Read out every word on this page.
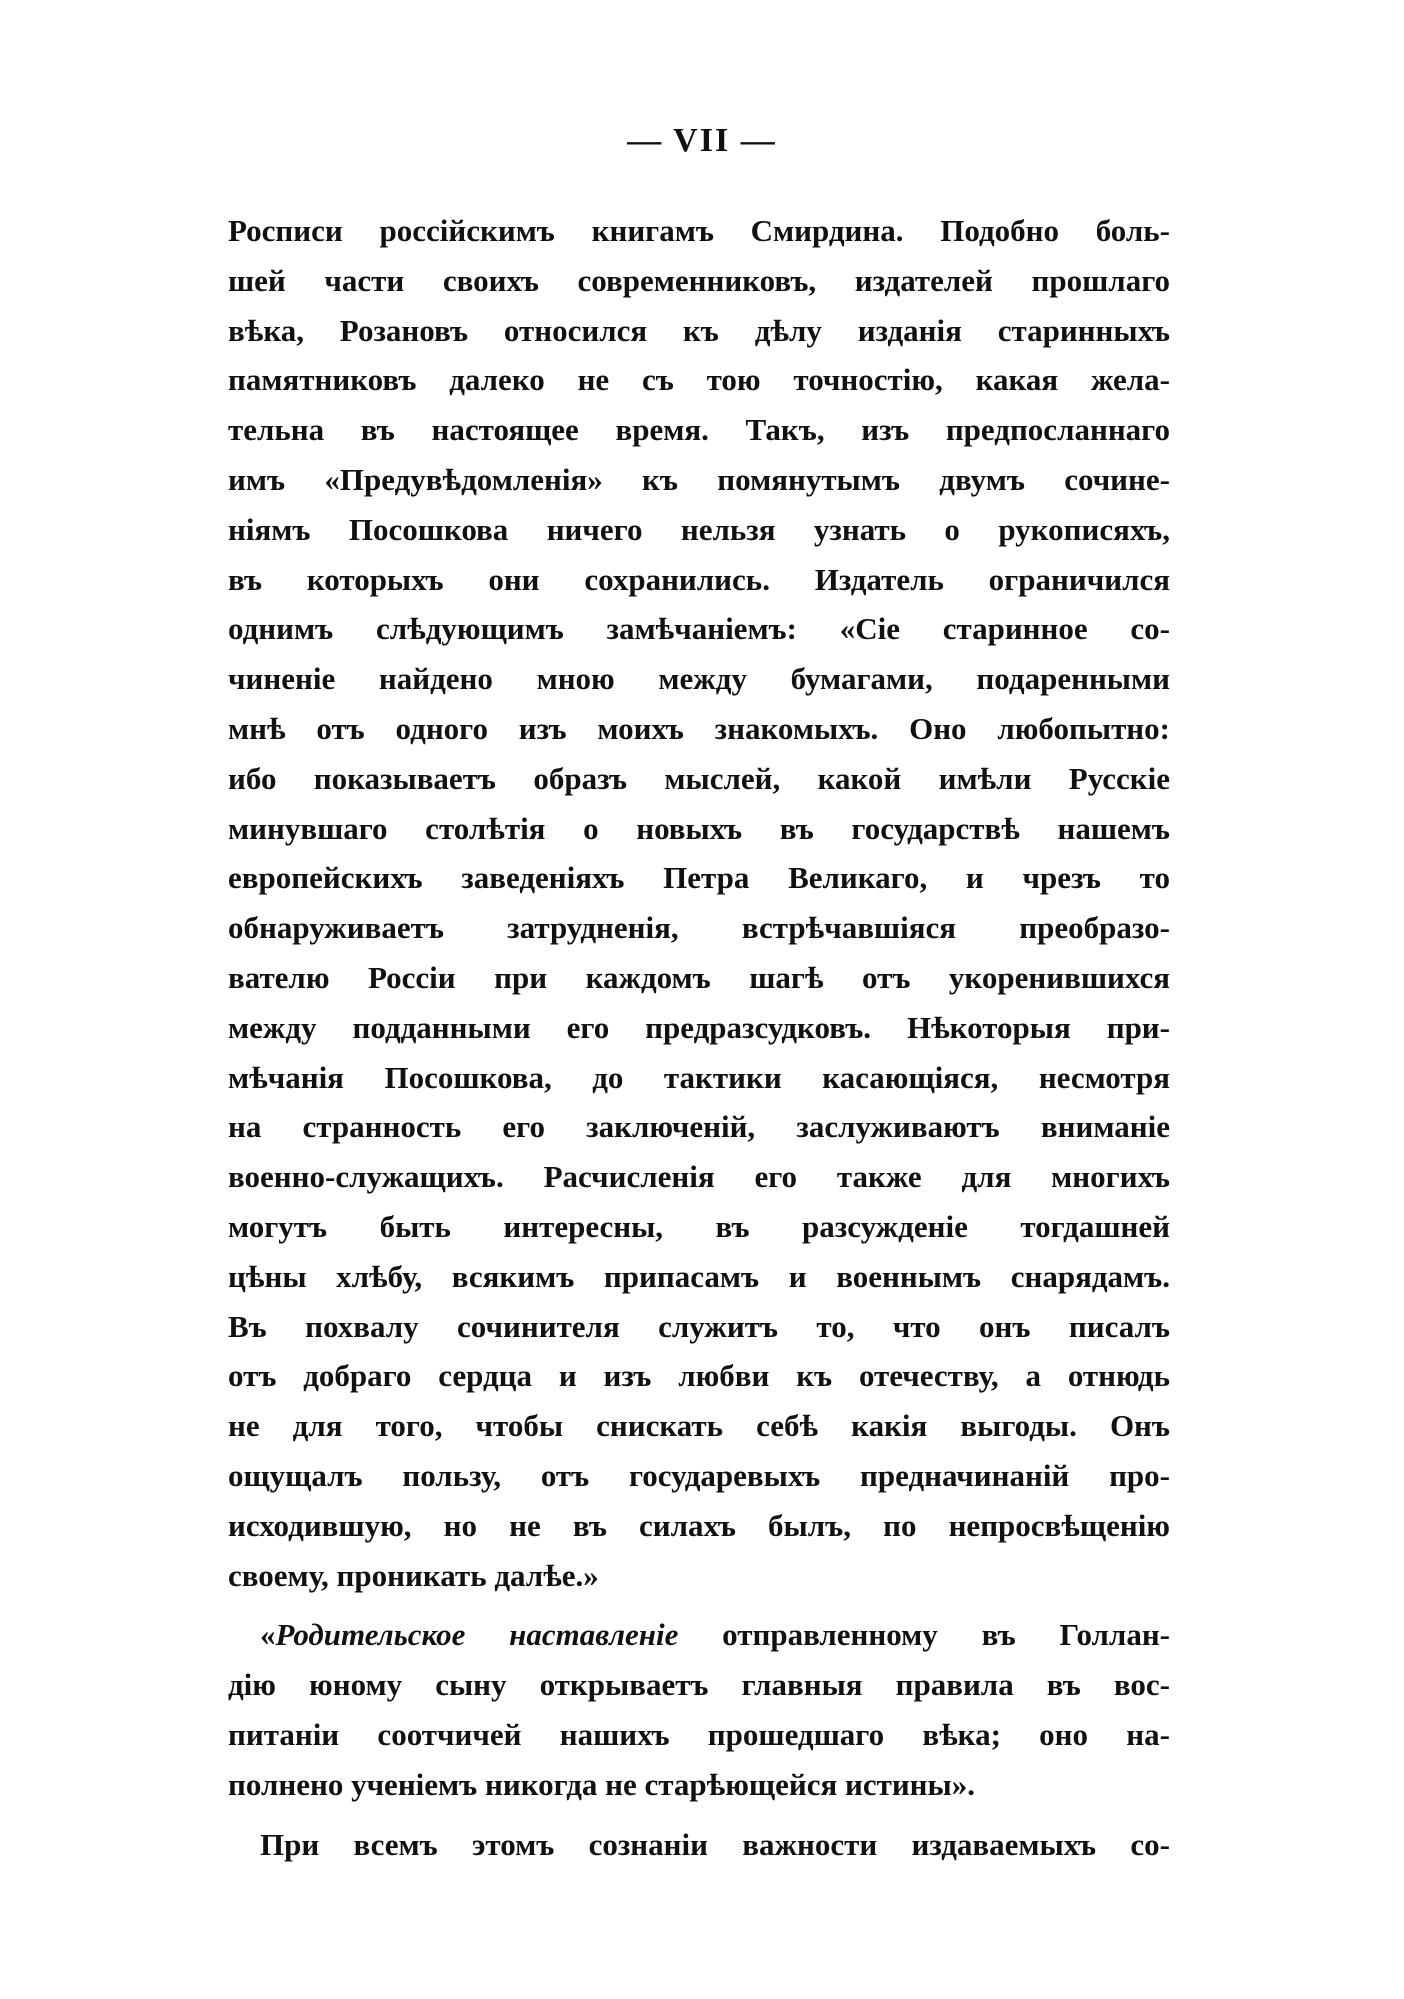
— VII —
Росписи россійскимъ книгамъ Смирдина. Подобно боль-
шей части своихъ современниковъ, издателей прошлаго
вѣка, Розановъ относился къ дѣлу изданія старинныхъ
памятниковъ далеко не съ тою точностію, какая жела-
тельна въ настоящее время. Такъ, изъ предпосланнаго
имъ «Предувѣдомленія» къ помянутымъ двумъ сочине-
ніямъ Посошкова ничего нельзя узнать о рукописяхъ,
въ которыхъ они сохранились. Издатель ограничился
однимъ слѣдующимъ замѣчаніемъ: «Сіе старинное со-
чиненіе найдено мною между бумагами, подаренными
мнѣ отъ одного изъ моихъ знакомыхъ. Оно любопытно:
ибо показываетъ образъ мыслей, какой имѣли Русскіе
минувшаго столѣтія о новыхъ въ государствѣ нашемъ
европейскихъ заведеніяхъ Петра Великаго, и чрезъ то
обнаруживаетъ затрудненія, встрѣчавшіяся преобразо-
вателю Россіи при каждомъ шагѣ отъ укоренившихся
между подданными его предразсудковъ. Нѣкоторыя при-
мѣчанія Посошкова, до тактики касающіяся, несмотря
на странность его заключеній, заслуживаютъ вниманіе
военно-служащихъ. Расчисленія его также для многихъ
могутъ быть интересны, въ разсужденіе тогдашней
цѣны хлѣбу, всякимъ припасамъ и военнымъ снарядамъ.
Въ похвалу сочинителя служитъ то, что онъ писалъ
отъ добраго сердца и изъ любви къ отечеству, а отнюдь
не для того, чтобы снискать себѣ какія выгоды. Онъ
ощущалъ пользу, отъ государевыхъ предначинаній про-
исходившую, но не въ силахъ былъ, по непросвѣщенію
своему, проникать далѣе.»
«Родительское наставленіе отправленному въ Голлан-
дію юному сыну открываетъ главныя правила въ вос-
питаніи соотчичей нашихъ прошедшаго вѣка; оно на-
полнено ученіемъ никогда не старѣющейся истины».
При всемъ этомъ сознаніи важности издаваемыхъ со-
